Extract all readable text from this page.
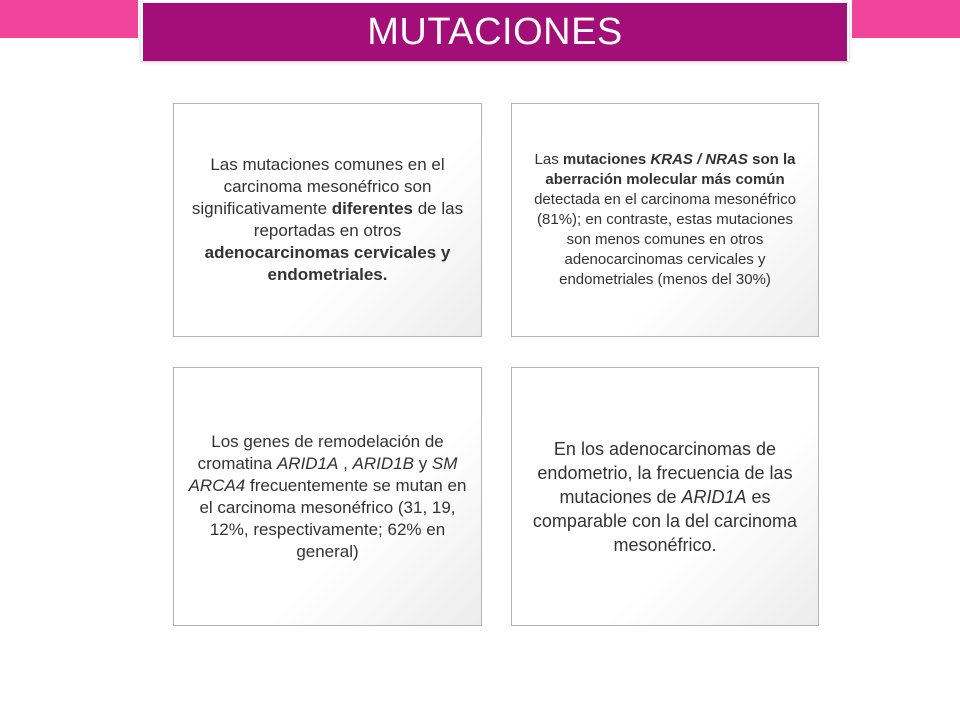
MUTACIONES

Las mutaciones comunes en el carcinoma mesonéfrico son significativamente diferentes de las reportadas en otros adenocarcinomas cervicales y endometriales.

Las mutaciones KRAS / NRAS son la aberración molecular más común detectada en el carcinoma mesonéfrico (81%); en contraste, estas mutaciones son menos comunes en otros adenocarcinomas cervicales y endometriales (menos del 30%)

Los genes de remodelación de cromatina ARID1A , ARID1B y SM ARCA4 frecuentemente se mutan en el carcinoma mesonéfrico (31, 19, 12%, respectivamente; 62% en general)

En los adenocarcinomas de endometrio, la frecuencia de las mutaciones de ARID1A es comparable con la del carcinoma mesonéfrico.
